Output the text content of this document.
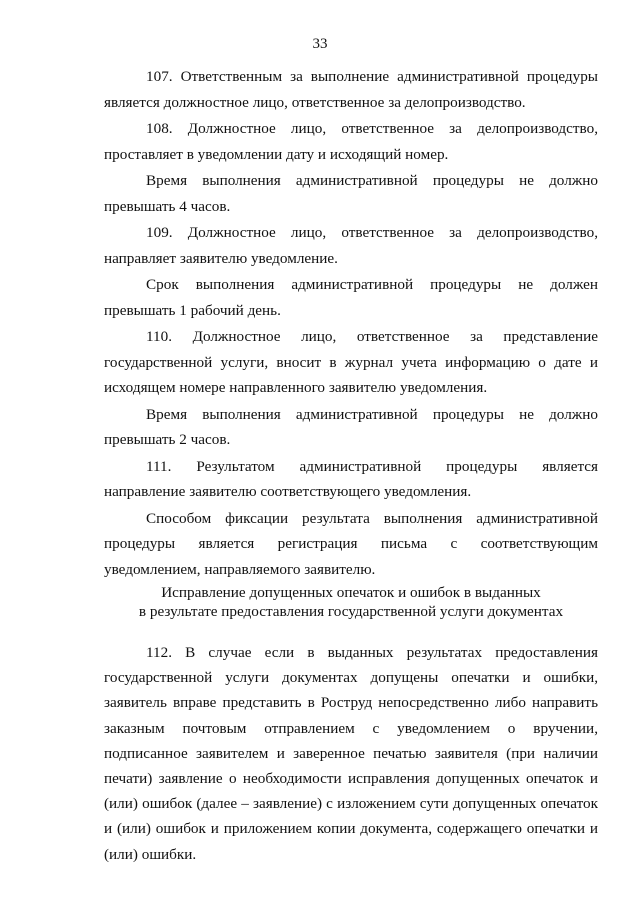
33

107. Ответственным за выполнение административной процедуры является должностное лицо, ответственное за делопроизводство.

108. Должностное лицо, ответственное за делопроизводство, проставляет в уведомлении дату и исходящий номер.

Время выполнения административной процедуры не должно превышать 4 часов.

109. Должностное лицо, ответственное за делопроизводство, направляет заявителю уведомление.

Срок выполнения административной процедуры не должен превышать 1 рабочий день.

110. Должностное лицо, ответственное за представление государственной услуги, вносит в журнал учета информацию о дате и исходящем номере направленного заявителю уведомления.

Время выполнения административной процедуры не должно превышать 2 часов.

111. Результатом административной процедуры является направление заявителю соответствующего уведомления.

Способом фиксации результата выполнения административной процедуры является регистрация письма с соответствующим уведомлением, направляемого заявителю.

Исправление допущенных опечаток и ошибок в выданных
в результате предоставления государственной услуги документах

112. В случае если в выданных результатах предоставления государственной услуги документах допущены опечатки и ошибки, заявитель вправе представить в Роструд непосредственно либо направить заказным почтовым отправлением с уведомлением о вручении, подписанное заявителем и заверенное печатью заявителя (при наличии печати) заявление о необходимости исправления допущенных опечаток и (или) ошибок (далее – заявление) с изложением сути допущенных опечаток и (или) ошибок и приложением копии документа, содержащего опечатки и (или) ошибки.
